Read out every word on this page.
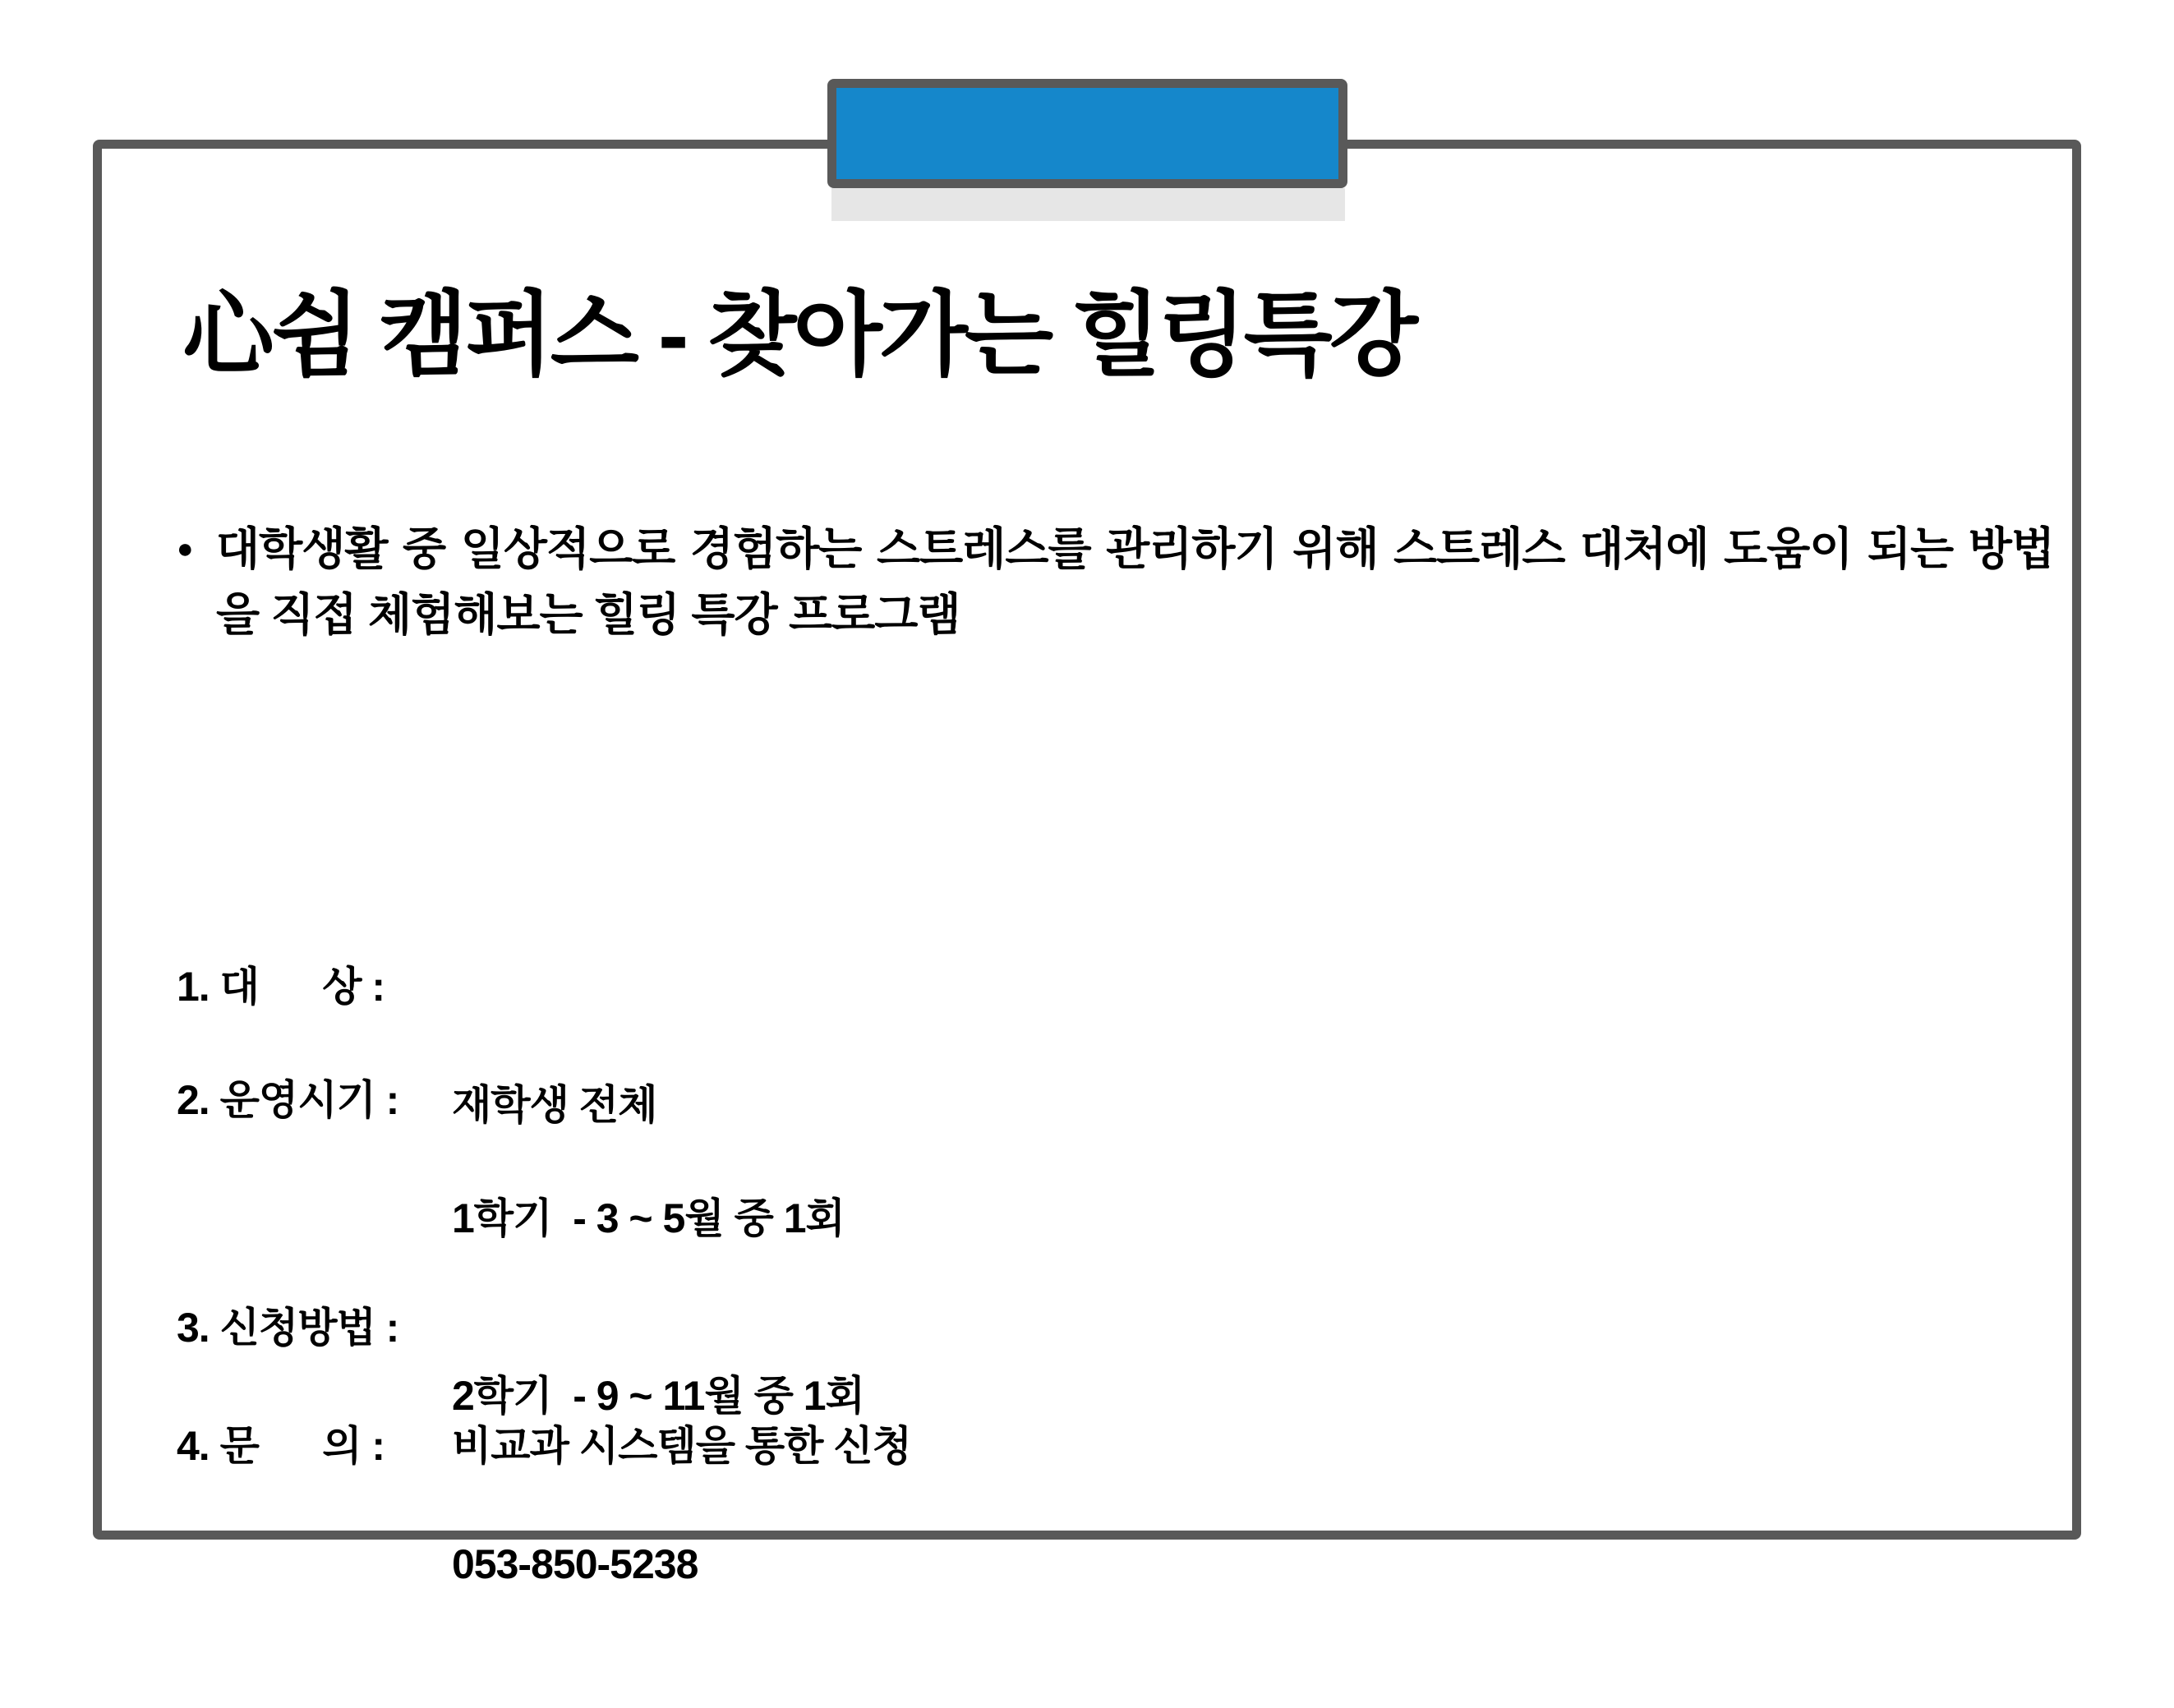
心쉼 캠퍼스 - 찾아가는 힐링특강
● 대학생활 중 일상적으로 경험하는 스트레스를 관리하기 위해 스트레스 대처에 도움이 되는 방법을 직접 체험해보는 힐링 특강 프로그램
1. 대      상 :

재학생 전체

2. 운영시기 :

1학기  - 3 ~ 5월 중 1회

2학기  - 9 ~ 11월 중 1회

3. 신청방법 :

비교과 시스템을 통한 신청

4. 문      의 :

053-850-5238
